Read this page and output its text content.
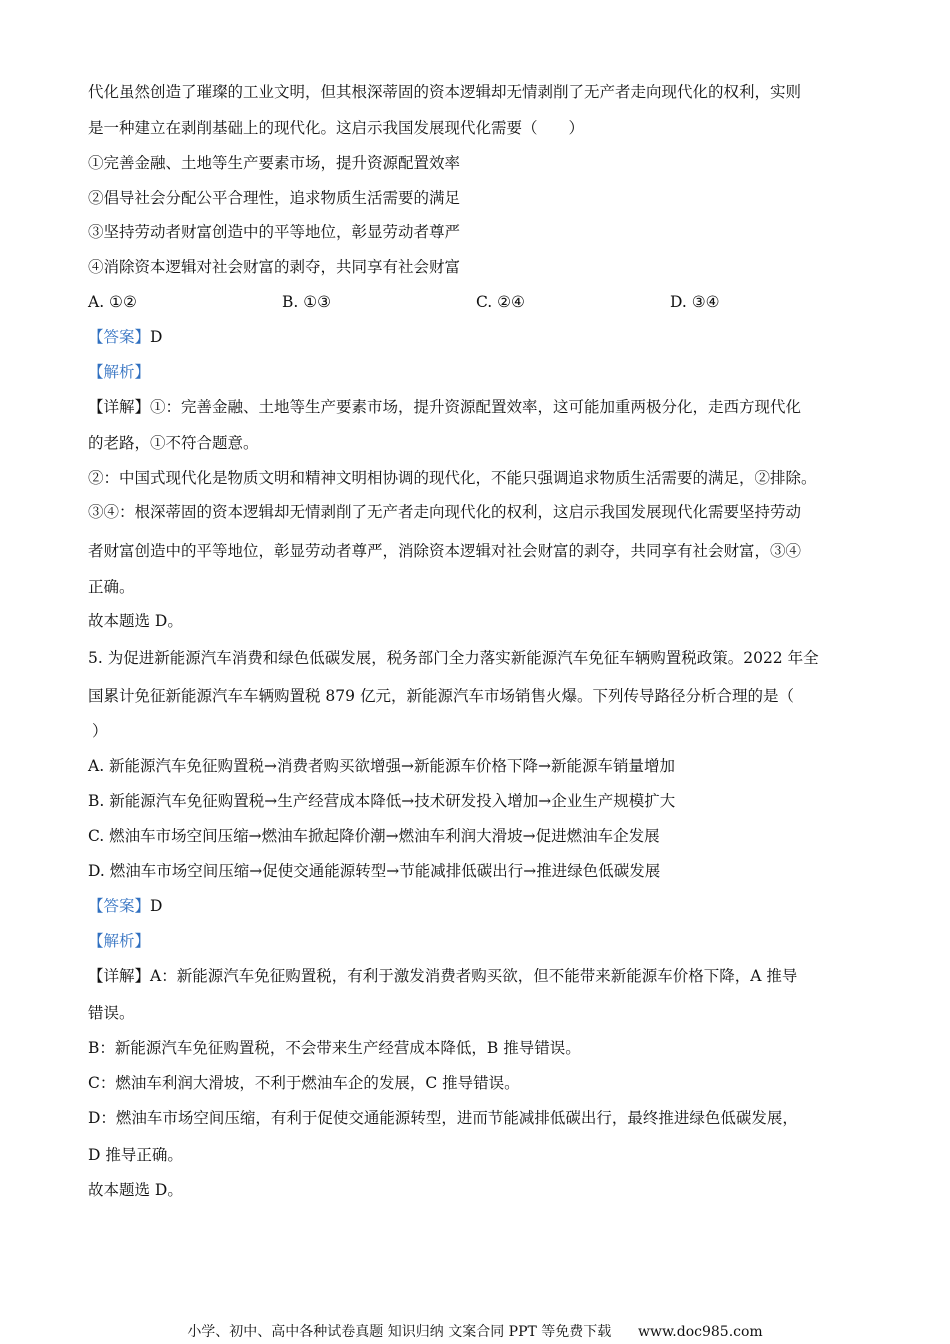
代化虽然创造了璀璨的工业文明，但其根深蒂固的资本逻辑却无情剥削了无产者走向现代化的权利，实则
是一种建立在剥削基础上的现代化。这启示我国发展现代化需要（　　）
①完善金融、土地等生产要素市场，提升资源配置效率
②倡导社会分配公平合理性，追求物质生活需要的满足
③坚持劳动者财富创造中的平等地位，彰显劳动者尊严
④消除资本逻辑对社会财富的剥夺，共同享有社会财富
A. ①②	B. ①③	C. ②④	D. ③④
【答案】D
【解析】
【详解】①：完善金融、土地等生产要素市场，提升资源配置效率，这可能加重两极分化，走西方现代化
的老路，①不符合题意。
②：中国式现代化是物质文明和精神文明相协调的现代化，不能只强调追求物质生活需要的满足，②排除。
③④：根深蒂固的资本逻辑却无情剥削了无产者走向现代化的权利，这启示我国发展现代化需要坚持劳动
者财富创造中的平等地位，彰显劳动者尊严，消除资本逻辑对社会财富的剥夺，共同享有社会财富，③④
正确。
故本题选 D。
5. 为促进新能源汽车消费和绿色低碳发展，税务部门全力落实新能源汽车免征车辆购置税政策。2022 年全
国累计免征新能源汽车车辆购置税 879 亿元，新能源汽车市场销售火爆。下列传导路径分析合理的是（
）
A. 新能源汽车免征购置税→消费者购买欲增强→新能源车价格下降→新能源车销量增加
B. 新能源汽车免征购置税→生产经营成本降低→技术研发投入增加→企业生产规模扩大
C. 燃油车市场空间压缩→燃油车掀起降价潮→燃油车利润大滑坡→促进燃油车企发展
D. 燃油车市场空间压缩→促使交通能源转型→节能减排低碳出行→推进绿色低碳发展
【答案】D
【解析】
【详解】A：新能源汽车免征购置税，有利于激发消费者购买欲，但不能带来新能源车价格下降，A 推导
错误。
B：新能源汽车免征购置税，不会带来生产经营成本降低，B 推导错误。
C：燃油车利润大滑坡，不利于燃油车企的发展，C 推导错误。
D：燃油车市场空间压缩，有利于促使交通能源转型，进而节能减排低碳出行，最终推进绿色低碳发展，
D 推导正确。
故本题选 D。
小学、初中、高中各种试卷真题 知识归纳 文案合同 PPT 等免费下载 www.doc985.com
